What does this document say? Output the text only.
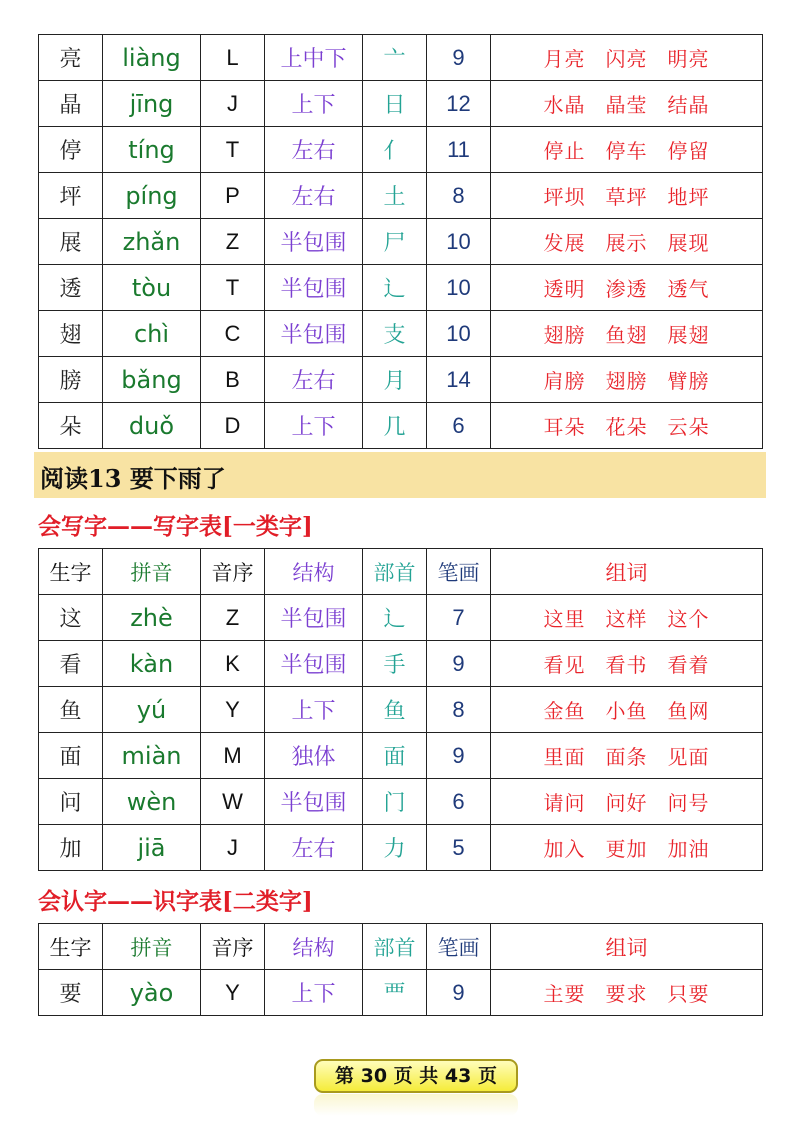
亮	liàng	L	上中下	亠	9	月亮 闪亮 明亮
晶	jīng	J	上下	日	12	水晶 晶莹 结晶
停	tíng	T	左右	亻	11	停止 停车 停留
坪	píng	P	左右	土	8	坪坝 草坪 地坪
展	zhǎn	Z	半包围	尸	10	发展 展示 展现
透	tòu	T	半包围	辶	10	透明 渗透 透气
翅	chì	C	半包围	支	10	翅膀 鱼翅 展翅
膀	bǎng	B	左右	月	14	肩膀 翅膀 臂膀
朵	duǒ	D	上下	几	6	耳朵 花朵 云朵
阅读13 要下雨了
会写字——写字表[一类字]
生字	拼音	音序	结构	部首	笔画	组词
这	zhè	Z	半包围	辶	7	这里 这样 这个
看	kàn	K	半包围	手	9	看见 看书 看着
鱼	yú	Y	上下	鱼	8	金鱼 小鱼 鱼网
面	miàn	M	独体	面	9	里面 面条 见面
问	wèn	W	半包围	门	6	请问 问好 问号
加	jiā	J	左右	力	5	加入 更加 加油
会认字——识字表[二类字]
生字	拼音	音序	结构	部首	笔画	组词
要	yào	Y	上下	覀	9	主要 要求 只要
第 30 页 共 43 页
